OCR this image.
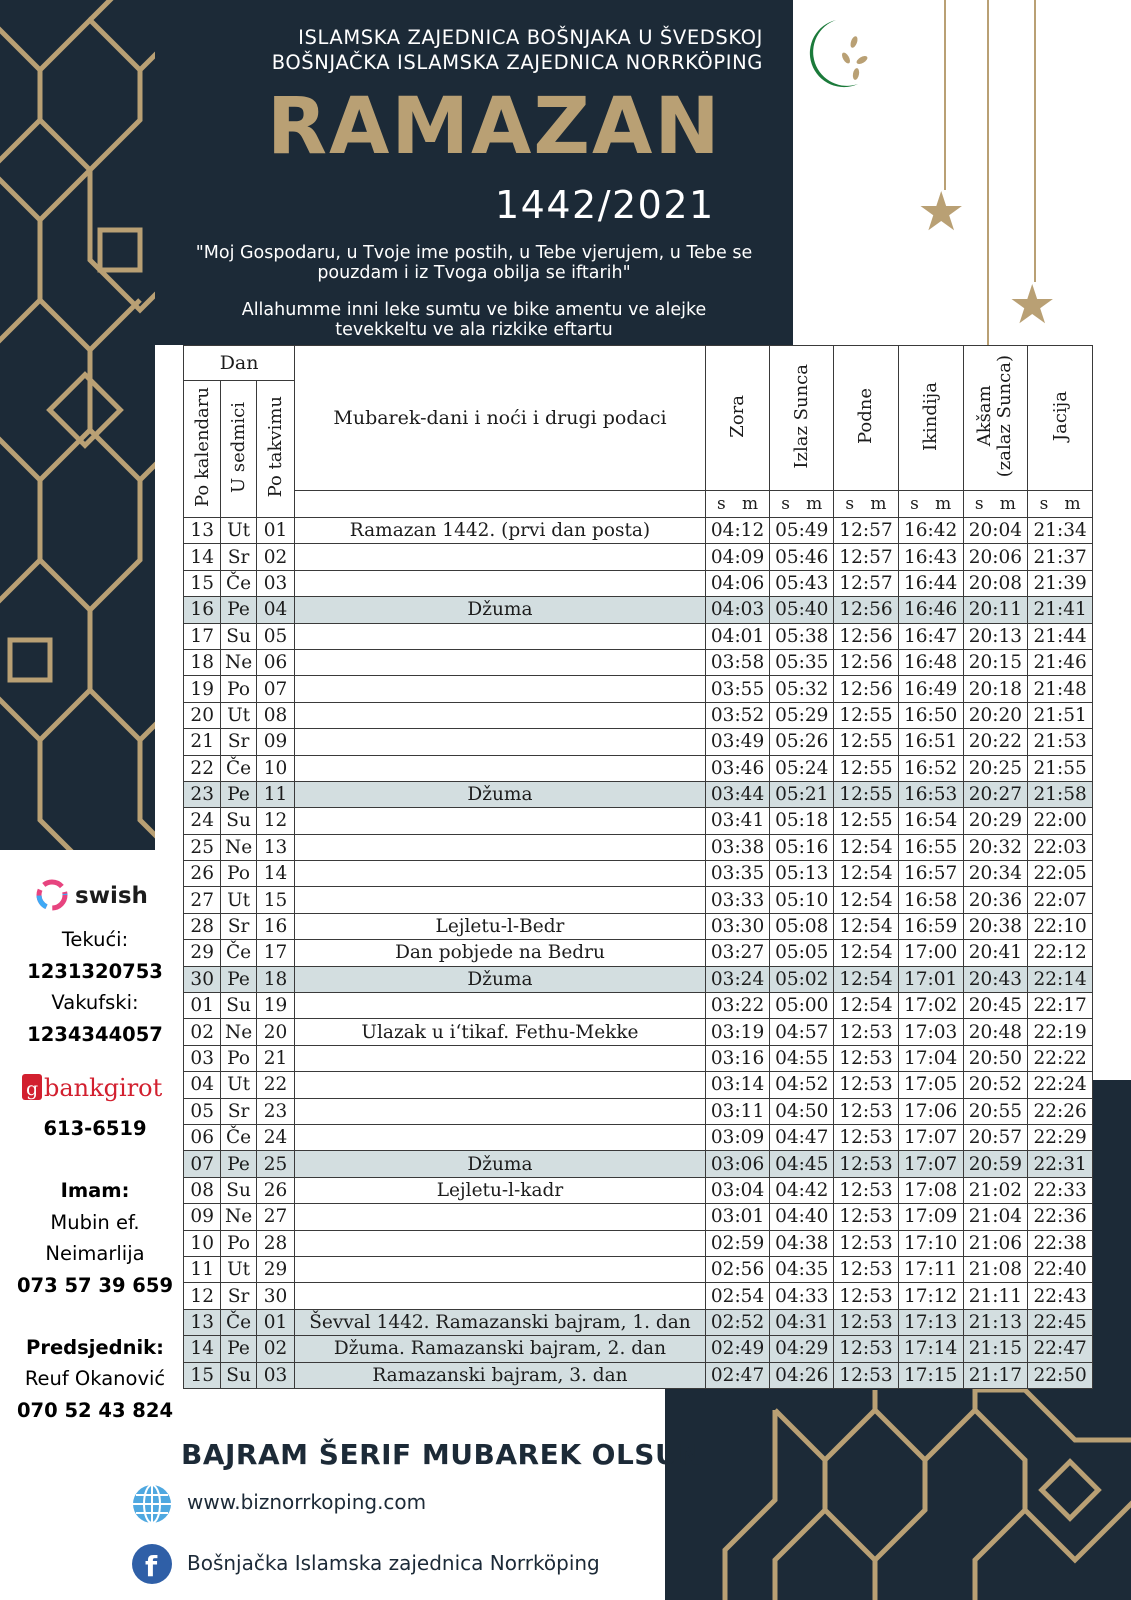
ISLAMSKA ZAJEDNICA BOŠNJAKA U ŠVEDSKOJ
BOŠNJAČKA ISLAMSKA ZAJEDNICA NORRKÖPING
RAMAZAN
1442/2021
"Moj Gospodaru, u Tvoje ime postih, u Tebe vjerujem, u Tebe se
pouzdam i iz Tvoga obilja se iftarih"
Allahumme inni leke sumtu ve bike amentu ve alejke
tevekkeltu ve ala rizkike eftartu
★
★
Dan			Mubarek-dani i noći i drugi podaci	Zora	Izlaz Sunca	Podne	Ikindija	Akšam
(zalaz Sunca)	Jacija
Po kalendaru	U sedmici	Po takvimu							
				s m	s m	s m	s m	s m	s m
13	Ut	01	Ramazan 1442. (prvi dan posta)	04:12	05:49	12:57	16:42	20:04	21:34
14	Sr	02		04:09	05:46	12:57	16:43	20:06	21:37
15	Če	03		04:06	05:43	12:57	16:44	20:08	21:39
16	Pe	04	Džuma	04:03	05:40	12:56	16:46	20:11	21:41
17	Su	05		04:01	05:38	12:56	16:47	20:13	21:44
18	Ne	06		03:58	05:35	12:56	16:48	20:15	21:46
19	Po	07		03:55	05:32	12:56	16:49	20:18	21:48
20	Ut	08		03:52	05:29	12:55	16:50	20:20	21:51
21	Sr	09		03:49	05:26	12:55	16:51	20:22	21:53
22	Če	10		03:46	05:24	12:55	16:52	20:25	21:55
23	Pe	11	Džuma	03:44	05:21	12:55	16:53	20:27	21:58
24	Su	12		03:41	05:18	12:55	16:54	20:29	22:00
25	Ne	13		03:38	05:16	12:54	16:55	20:32	22:03
26	Po	14		03:35	05:13	12:54	16:57	20:34	22:05
27	Ut	15		03:33	05:10	12:54	16:58	20:36	22:07
28	Sr	16	Lejletu-l-Bedr	03:30	05:08	12:54	16:59	20:38	22:10
29	Če	17	Dan pobjede na Bedru	03:27	05:05	12:54	17:00	20:41	22:12
30	Pe	18	Džuma	03:24	05:02	12:54	17:01	20:43	22:14
01	Su	19		03:22	05:00	12:54	17:02	20:45	22:17
02	Ne	20	Ulazak u i‘tikaf. Fethu-Mekke	03:19	04:57	12:53	17:03	20:48	22:19
03	Po	21		03:16	04:55	12:53	17:04	20:50	22:22
04	Ut	22		03:14	04:52	12:53	17:05	20:52	22:24
05	Sr	23		03:11	04:50	12:53	17:06	20:55	22:26
06	Če	24		03:09	04:47	12:53	17:07	20:57	22:29
07	Pe	25	Džuma	03:06	04:45	12:53	17:07	20:59	22:31
08	Su	26	Lejletu-l-kadr	03:04	04:42	12:53	17:08	21:02	22:33
09	Ne	27		03:01	04:40	12:53	17:09	21:04	22:36
10	Po	28		02:59	04:38	12:53	17:10	21:06	22:38
11	Ut	29		02:56	04:35	12:53	17:11	21:08	22:40
12	Sr	30		02:54	04:33	12:53	17:12	21:11	22:43
13	Če	01	Ševval 1442. Ramazanski bajram, 1. dan	02:52	04:31	12:53	17:13	21:13	22:45
14	Pe	02	Džuma. Ramazanski bajram, 2. dan	02:49	04:29	12:53	17:14	21:15	22:47
15	Su	03	Ramazanski bajram, 3. dan	02:47	04:26	12:53	17:15	21:17	22:50
swish
Tekući:
1231320753
Vakufski:
1234344057
g bankgirot
613-6519
Imam:
Mubin ef.
Neimarlija
073 57 39 659
Predsjednik:
Reuf Okanović
070 52 43 824
BAJRAM ŠERIF MUBAREK OLSUN
www.biznorrkoping.com
f Bošnjačka Islamska zajednica Norrköping
